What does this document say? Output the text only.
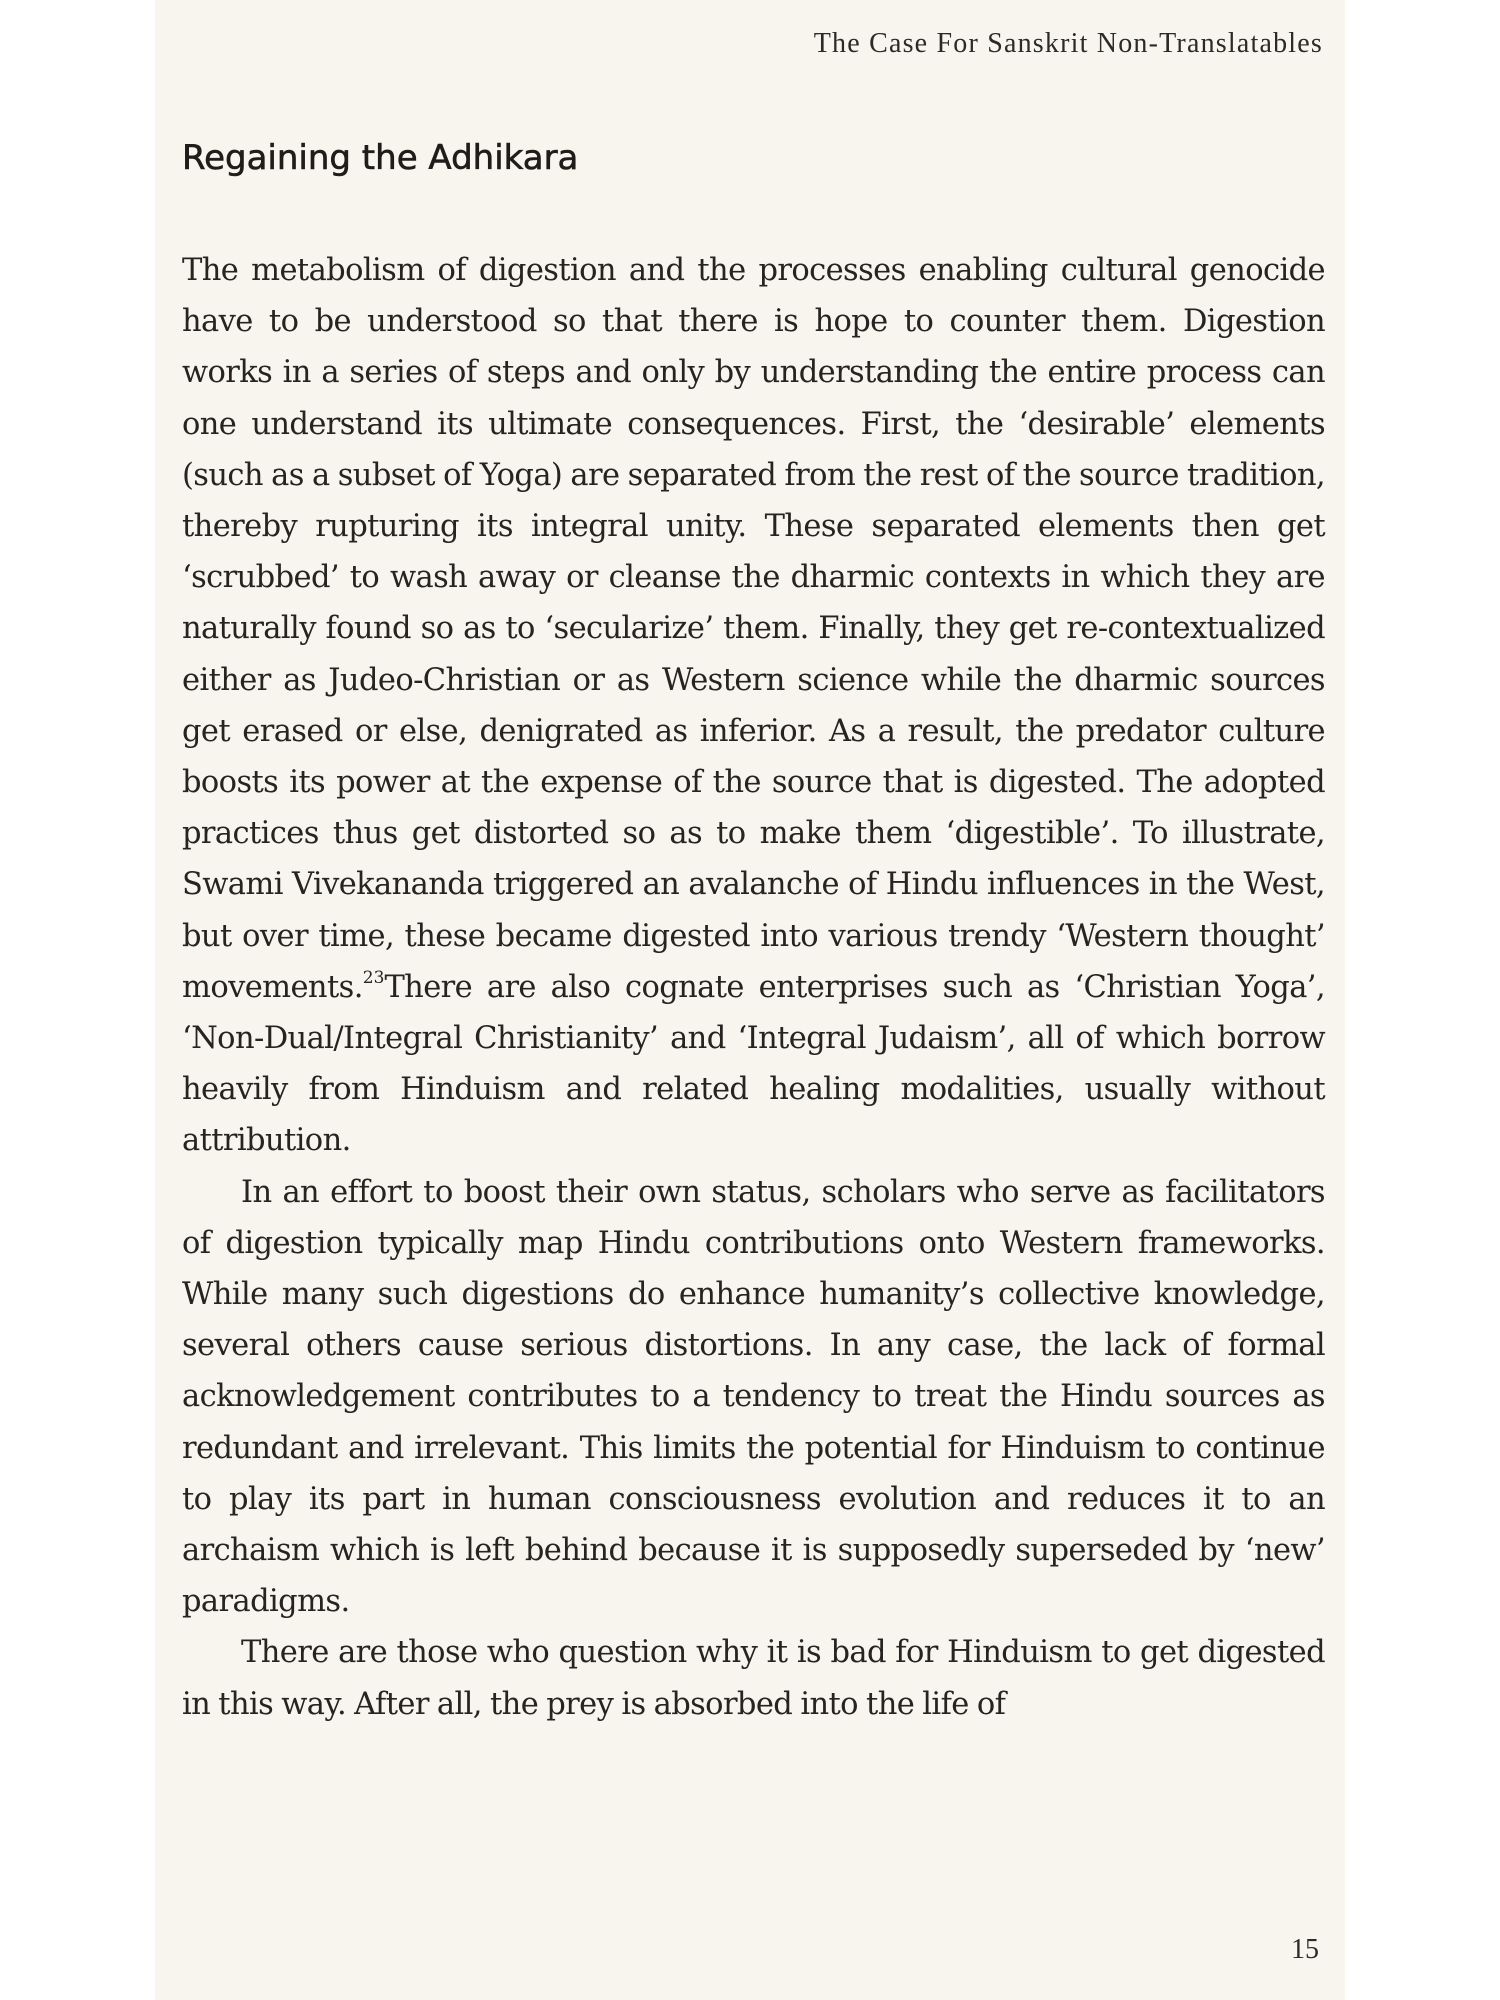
The Case For Sanskrit Non-Translatables

Regaining the Adhikara

The metabolism of digestion and the processes enabling cultural genocide have to be understood so that there is hope to counter them. Digestion works in a series of steps and only by understanding the entire process can one understand its ultimate consequences. First, the ‘desirable’ elements (such as a subset of Yoga) are separated from the rest of the source tradition, thereby rupturing its integral unity. These separated elements then get ‘scrubbed’ to wash away or cleanse the dharmic contexts in which they are naturally found so as to ‘secularize’ them. Finally, they get re-contextualized either as Judeo-Christian or as Western science while the dharmic sources get erased or else, denigrated as inferior. As a result, the predator culture boosts its power at the expense of the source that is digested. The adopted practices thus get distorted so as to make them ‘digestible’. To illustrate, Swami Vivekananda triggered an avalanche of Hindu influences in the West, but over time, these became digested into various trendy ‘Western thought’ movements.$^{23}$There are also cognate enterprises such as ‘Christian Yoga’, ‘Non-Dual/Integral Christianity’ and ‘Integral Judaism’, all of which borrow heavily from Hinduism and related healing modalities, usually without attribution.

In an effort to boost their own status, scholars who serve as facilitators of digestion typically map Hindu contributions onto Western frameworks. While many such digestions do enhance humanity’s collective knowledge, several others cause serious distortions. In any case, the lack of formal acknowledgement contributes to a tendency to treat the Hindu sources as redundant and irrelevant. This limits the potential for Hinduism to continue to play its part in human consciousness evolution and reduces it to an archaism which is left behind because it is supposedly superseded by ‘new’ paradigms.

There are those who question why it is bad for Hinduism to get digested in this way. After all, the prey is absorbed into the life of

15
